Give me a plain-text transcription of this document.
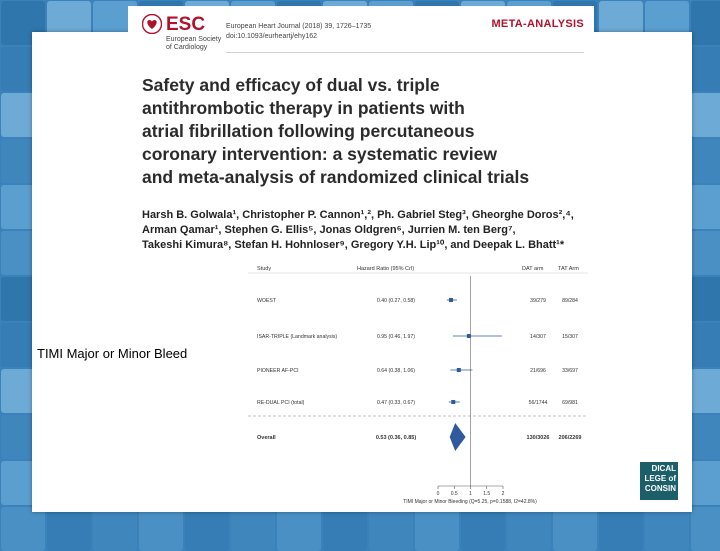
ESC
European Society
of Cardiology
European Heart Journal (2018) 39, 1726–1735
doi:10.1093/eurheartj/ehy162
META-ANALYSIS
Safety and efficacy of dual vs. triple
antithrombotic therapy in patients with
atrial fibrillation following percutaneous
coronary intervention: a systematic review
and meta-analysis of randomized clinical trials
Harsh B. Golwala¹, Christopher P. Cannon¹,², Ph. Gabriel Steg³, Gheorghe Doros²,⁴,
Arman Qamar¹, Stephen G. Ellis⁵, Jonas Oldgren⁶, Jurrien M. ten Berg⁷,
Takeshi Kimura⁸, Stefan H. Hohnloser⁹, Gregory Y.H. Lip¹⁰, and Deepak L. Bhatt¹*
Study	Hazard Ratio (95% CrI)	DAT arm	TAT Arm
TIMI Major or Minor Bleeding (Q=5.25, p=0.1588, I2=42.8%)
WOEST	0.40 (0.27, 0.58)	39/279	89/284
ISAR-TRIPLE (Landmark analysis)	0.95 (0.46, 1.97)	14/307	15/307
PIONEER AF-PCI	0.64 (0.38, 1.06)	21/696	33/697
RE-DUAL PCI (total)	0.47 (0.33, 0.67)	56/1744	69/981
Overall	0.53 (0.36, 0.85)	130/3026 206/2269
0 0.5 1 1.5 2
TIMI Major or Minor Bleed
DICAL
LEGE of
CONSIN
